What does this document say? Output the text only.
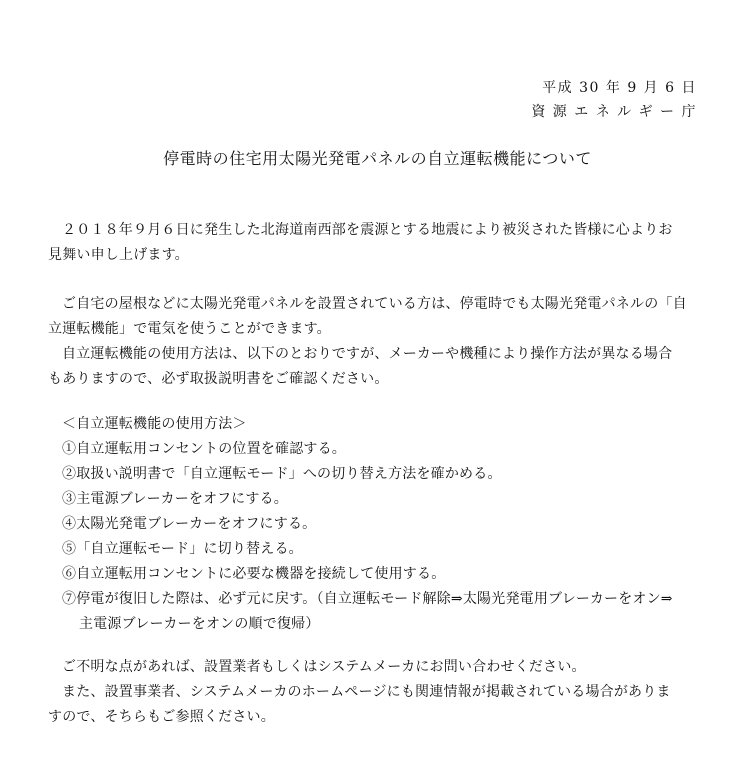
平成 30 年 9 月 6 日
資 源 エ ネ ル ギ ー 庁
停電時の住宅用太陽光発電パネルの自立運転機能について
２０１８年９月６日に発生した北海道南西部を震源とする地震により被災された皆様に心よりお
見舞い申し上げます。
ご自宅の屋根などに太陽光発電パネルを設置されている方は、停電時でも太陽光発電パネルの「自
立運転機能」で電気を使うことができます。
自立運転機能の使用方法は、以下のとおりですが、メーカーや機種により操作方法が異なる場合
もありますので、必ず取扱説明書をご確認ください。
＜自立運転機能の使用方法＞
①自立運転用コンセントの位置を確認する。
②取扱い説明書で「自立運転モード」への切り替え方法を確かめる。
③主電源ブレーカーをオフにする。
④太陽光発電ブレーカーをオフにする。
⑤「自立運転モード」に切り替える。
⑥自立運転用コンセントに必要な機器を接続して使用する。
⑦停電が復旧した際は、必ず元に戻す。（自立運転モード解除⇒太陽光発電用ブレーカーをオン⇒
主電源ブレーカーをオンの順で復帰）
ご不明な点があれば、設置業者もしくはシステムメーカにお問い合わせください。
また、設置事業者、システムメーカのホームページにも関連情報が掲載されている場合がありま
すので、そちらもご参照ください。
